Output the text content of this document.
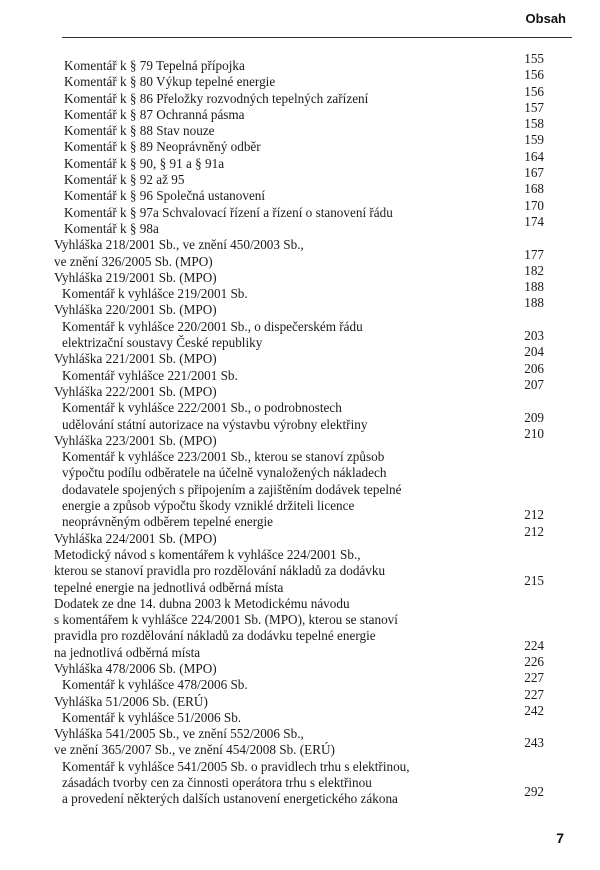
Obsah
Komentář k § 79 Tepelná přípojka	155
Komentář k § 80 Výkup tepelné energie	156
Komentář k § 86 Přeložky rozvodných tepelných zařízení	156
Komentář k § 87 Ochranná pásma	157
Komentář k § 88 Stav nouze	158
Komentář k § 89 Neoprávněný odběr	159
Komentář k § 90, § 91 a § 91a	164
Komentář k § 92 až 95	167
Komentář k § 96 Společná ustanovení	168
Komentář k § 97a Schvalovací řízení a řízení o stanovení řádu	170
Komentář k § 98a	174
Vyhláška 218/2001 Sb., ve znění 450/2003 Sb.,
ve znění 326/2005 Sb. (MPO)	177
Vyhláška 219/2001 Sb. (MPO)	182
Komentář k vyhlášce 219/2001 Sb.	188
Vyhláška 220/2001 Sb. (MPO)	188
Komentář k vyhlášce 220/2001 Sb., o dispečerském řádu
elektrizační soustavy České republiky	203
Vyhláška 221/2001 Sb. (MPO)	204
Komentář vyhlášce 221/2001 Sb.	206
Vyhláška 222/2001 Sb. (MPO)	207
Komentář k vyhlášce 222/2001 Sb., o podrobnostech
udělování státní autorizace na výstavbu výrobny elektřiny	209
Vyhláška 223/2001 Sb. (MPO)	210
Komentář k vyhlášce 223/2001 Sb., kterou se stanoví způsob
výpočtu podílu odběratele na účelně vynaložených nákladech
dodavatele spojených s připojením a zajištěním dodávek tepelné
energie a způsob výpočtu škody vzniklé držiteli licence
neoprávněným odběrem tepelné energie	212
Vyhláška 224/2001 Sb. (MPO)	212
Metodický návod s komentářem k vyhlášce 224/2001 Sb.,
kterou se stanoví pravidla pro rozdělování nákladů za dodávku
tepelné energie na jednotlivá odběrná místa	215
Dodatek ze dne 14. dubna 2003 k Metodickému návodu
s komentářem k vyhlášce 224/2001 Sb. (MPO), kterou se stanoví
pravidla pro rozdělování nákladů za dodávku tepelné energie
na jednotlivá odběrná místa	224
Vyhláška 478/2006 Sb. (MPO)	226
Komentář k vyhlášce 478/2006 Sb.	227
Vyhláška 51/2006 Sb. (ERÚ)	227
Komentář k vyhlášce 51/2006 Sb.	242
Vyhláška 541/2005 Sb., ve znění 552/2006 Sb.,
ve znění 365/2007 Sb., ve znění 454/2008 Sb. (ERÚ)	243
Komentář k vyhlášce 541/2005 Sb. o pravidlech trhu s elektřinou,
zásadách tvorby cen za činnosti operátora trhu s elektřinou
a provedení některých dalších ustanovení energetického zákona	292
7
